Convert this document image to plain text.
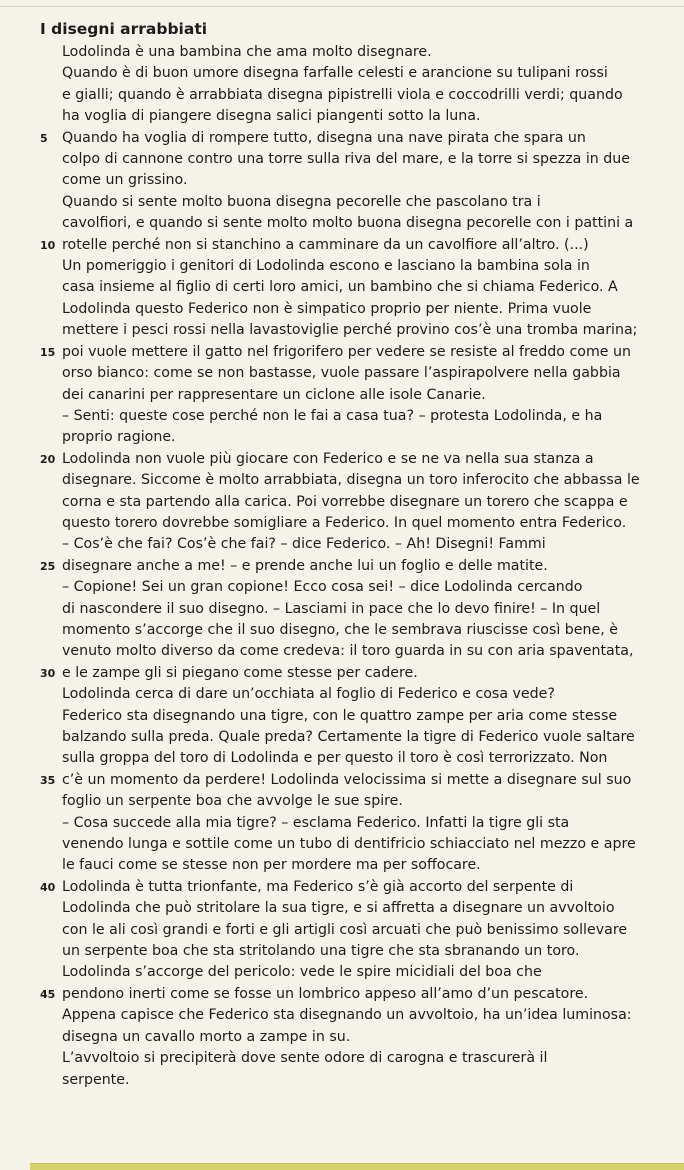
I disegni arrabbiati
Lodolinda è una bambina che ama molto disegnare.
Quando è di buon umore disegna farfalle celesti e arancione su tulipani rossi
e gialli; quando è arrabbiata disegna pipistrelli viola e coccodrilli verdi; quando
ha voglia di piangere disegna salici piangenti sotto la luna.
5 Quando ha voglia di rompere tutto, disegna una nave pirata che spara un
colpo di cannone contro una torre sulla riva del mare, e la torre si spezza in due
come un grissino.
Quando si sente molto buona disegna pecorelle che pascolano tra i
cavolfiori, e quando si sente molto molto buona disegna pecorelle con i pattini a
10 rotelle perché non si stanchino a camminare da un cavolfiore all’altro. (...)
Un pomeriggio i genitori di Lodolinda escono e lasciano la bambina sola in
casa insieme al figlio di certi loro amici, un bambino che si chiama Federico. A
Lodolinda questo Federico non è simpatico proprio per niente. Prima vuole
mettere i pesci rossi nella lavastoviglie perché provino cos’è una tromba marina;
15 poi vuole mettere il gatto nel frigorifero per vedere se resiste al freddo come un
orso bianco: come se non bastasse, vuole passare l’aspirapolvere nella gabbia
dei canarini per rappresentare un ciclone alle isole Canarie.
– Senti: queste cose perché non le fai a casa tua? – protesta Lodolinda, e ha
proprio ragione.
20 Lodolinda non vuole più giocare con Federico e se ne va nella sua stanza a
disegnare. Siccome è molto arrabbiata, disegna un toro inferocito che abbassa le
corna e sta partendo alla carica. Poi vorrebbe disegnare un torero che scappa e
questo torero dovrebbe somigliare a Federico. In quel momento entra Federico.
– Cos’è che fai? Cos’è che fai? – dice Federico. – Ah! Disegni! Fammi
25 disegnare anche a me! – e prende anche lui un foglio e delle matite.
– Copione! Sei un gran copione! Ecco cosa sei! – dice Lodolinda cercando
di nascondere il suo disegno. – Lasciami in pace che lo devo finire! – In quel
momento s’accorge che il suo disegno, che le sembrava riuscisse così bene, è
venuto molto diverso da come credeva: il toro guarda in su con aria spaventata,
30 e le zampe gli si piegano come stesse per cadere.
Lodolinda cerca di dare un’occhiata al foglio di Federico e cosa vede?
Federico sta disegnando una tigre, con le quattro zampe per aria come stesse
balzando sulla preda. Quale preda? Certamente la tigre di Federico vuole saltare
sulla groppa del toro di Lodolinda e per questo il toro è così terrorizzato. Non
35 c’è un momento da perdere! Lodolinda velocissima si mette a disegnare sul suo
foglio un serpente boa che avvolge le sue spire.
– Cosa succede alla mia tigre? – esclama Federico. Infatti la tigre gli sta
venendo lunga e sottile come un tubo di dentifricio schiacciato nel mezzo e apre
le fauci come se stesse non per mordere ma per soffocare.
40 Lodolinda è tutta trionfante, ma Federico s’è già accorto del serpente di
Lodolinda che può stritolare la sua tigre, e si affretta a disegnare un avvoltoio
con le ali così grandi e forti e gli artigli così arcuati che può benissimo sollevare
un serpente boa che sta stritolando una tigre che sta sbranando un toro.
Lodolinda s’accorge del pericolo: vede le spire micidiali del boa che
45 pendono inerti come se fosse un lombrico appeso all’amo d’un pescatore.
Appena capisce che Federico sta disegnando un avvoltoio, ha un’idea luminosa:
disegna un cavallo morto a zampe in su.
L’avvoltoio si precipiterà dove sente odore di carogna e trascurerà il
serpente.
